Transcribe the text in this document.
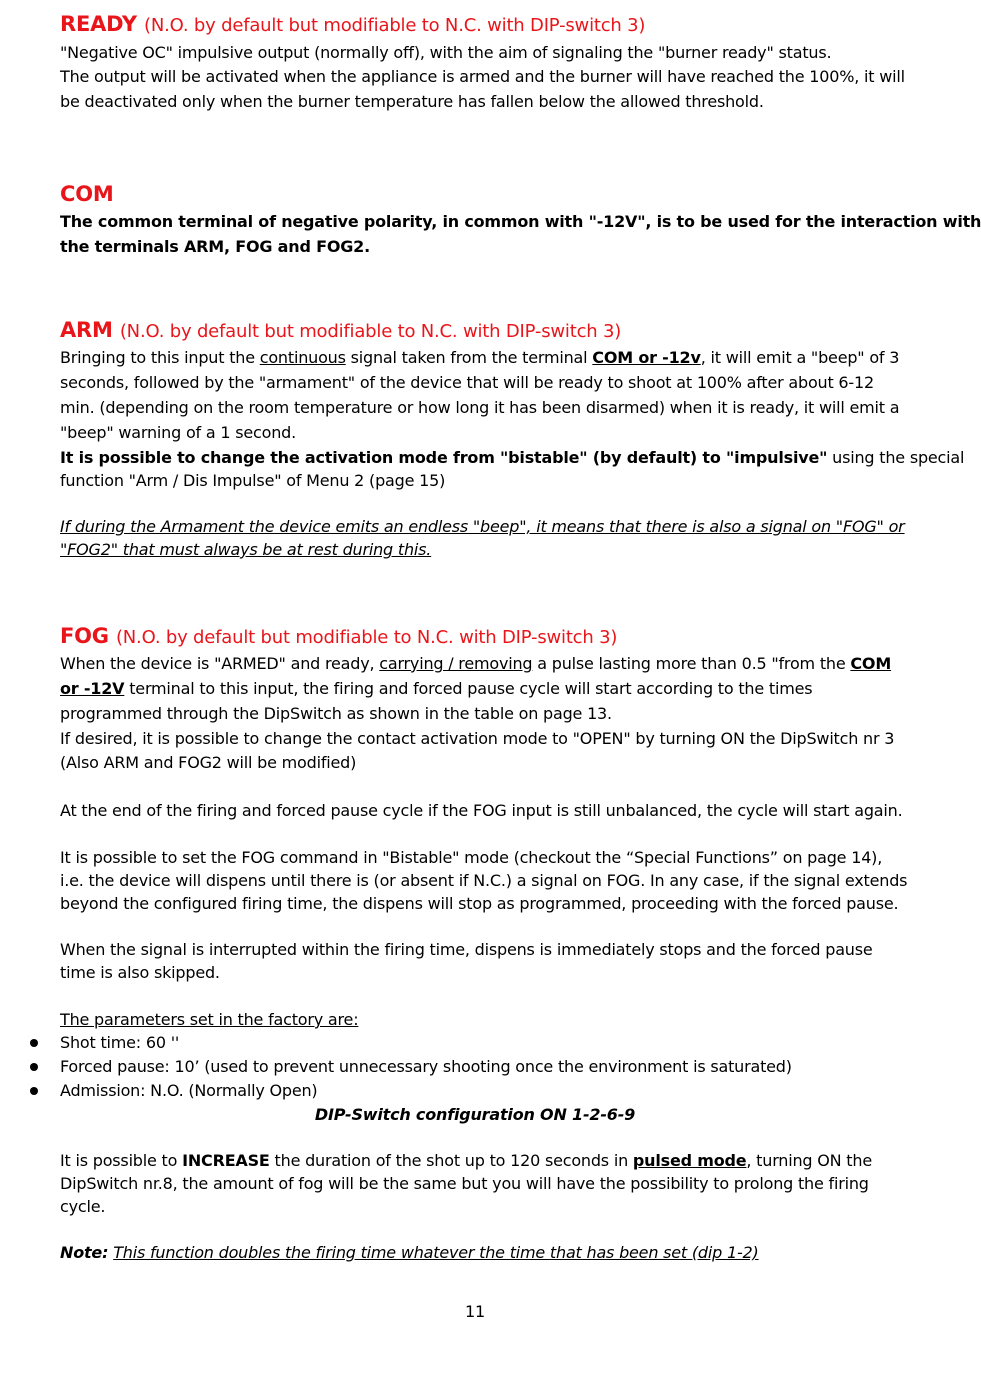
READY (N.O. by default but modifiable to N.C. with DIP-switch 3)
"Negative OC" impulsive output (normally off), with the aim of signaling the "burner ready" status.
The output will be activated when the appliance is armed and the burner will have reached the 100%, it will
be deactivated only when the burner temperature has fallen below the allowed threshold.
COM
The common terminal of negative polarity, in common with "-12V", is to be used for the interaction with
the terminals ARM, FOG and FOG2.
ARM (N.O. by default but modifiable to N.C. with DIP-switch 3)
Bringing to this input the continuous signal taken from the terminal COM or -12v, it will emit a "beep" of 3
seconds, followed by the "armament" of the device that will be ready to shoot at 100% after about 6-12
min. (depending on the room temperature or how long it has been disarmed) when it is ready, it will emit a
"beep" warning of a 1 second.
It is possible to change the activation mode from "bistable" (by default) to "impulsive" using the special
function "Arm / Dis Impulse" of Menu 2 (page 15)
If during the Armament the device emits an endless "beep", it means that there is also a signal on "FOG" or
"FOG2" that must always be at rest during this.
FOG (N.O. by default but modifiable to N.C. with DIP-switch 3)
When the device is "ARMED" and ready, carrying / removing a pulse lasting more than 0.5 "from the COM
or -12V terminal to this input, the firing and forced pause cycle will start according to the times
programmed through the DipSwitch as shown in the table on page 13.
If desired, it is possible to change the contact activation mode to "OPEN" by turning ON the DipSwitch nr 3
(Also ARM and FOG2 will be modified)
At the end of the firing and forced pause cycle if the FOG input is still unbalanced, the cycle will start again.
It is possible to set the FOG command in "Bistable" mode (checkout the “Special Functions” on page 14),
i.e. the device will dispens until there is (or absent if N.C.) a signal on FOG. In any case, if the signal extends
beyond the configured firing time, the dispens will stop as programmed, proceeding with the forced pause.
When the signal is interrupted within the firing time, dispens is immediately stops and the forced pause
time is also skipped.
The parameters set in the factory are:
Shot time: 60 ''
Forced pause: 10’ (used to prevent unnecessary shooting once the environment is saturated)
Admission: N.O. (Normally Open)
DIP-Switch configuration ON 1-2-6-9
It is possible to INCREASE the duration of the shot up to 120 seconds in pulsed mode, turning ON the
DipSwitch nr.8, the amount of fog will be the same but you will have the possibility to prolong the firing
cycle.
Note: This function doubles the firing time whatever the time that has been set (dip 1-2)
11
